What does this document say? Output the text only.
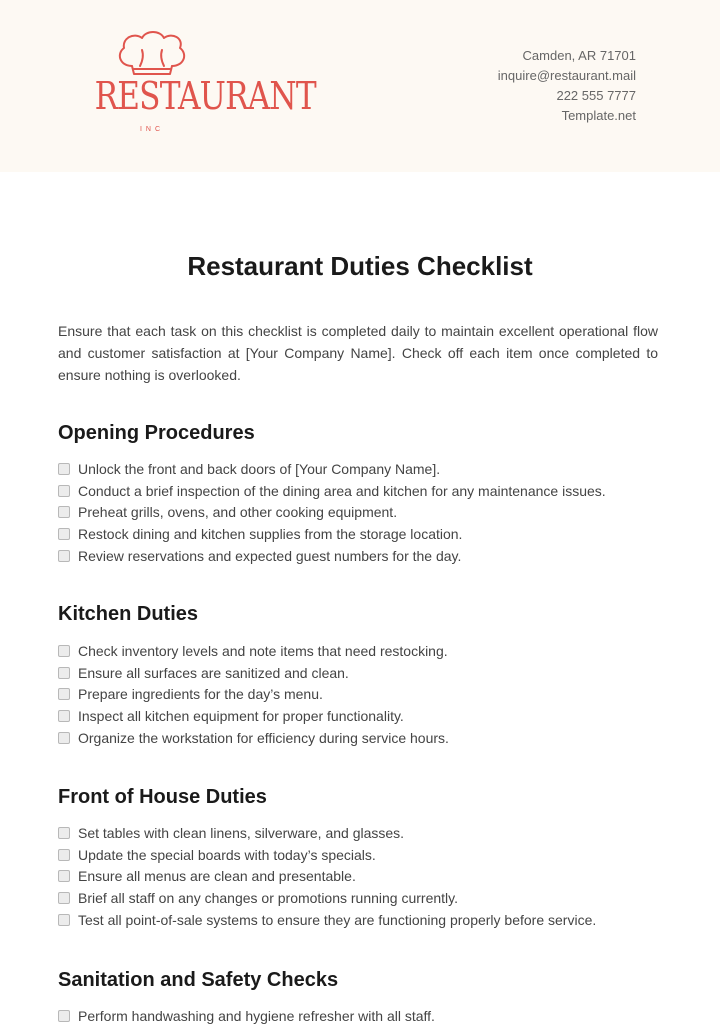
RESTAURANT
INC
Camden, AR 71701
inquire@restaurant.mail
222 555 7777
Template.net
Restaurant Duties Checklist

Ensure that each task on this checklist is completed daily to maintain excellent operational flow and customer satisfaction at [Your Company Name]. Check off each item once completed to ensure nothing is overlooked.

Opening Procedures
Unlock the front and back doors of [Your Company Name].
Conduct a brief inspection of the dining area and kitchen for any maintenance issues.
Preheat grills, ovens, and other cooking equipment.
Restock dining and kitchen supplies from the storage location.
Review reservations and expected guest numbers for the day.
Kitchen Duties
Check inventory levels and note items that need restocking.
Ensure all surfaces are sanitized and clean.
Prepare ingredients for the day’s menu.
Inspect all kitchen equipment for proper functionality.
Organize the workstation for efficiency during service hours.
Front of House Duties
Set tables with clean linens, silverware, and glasses.
Update the special boards with today’s specials.
Ensure all menus are clean and presentable.
Brief all staff on any changes or promotions running currently.
Test all point-of-sale systems to ensure they are functioning properly before service.
Sanitation and Safety Checks
Perform handwashing and hygiene refresher with all staff.
